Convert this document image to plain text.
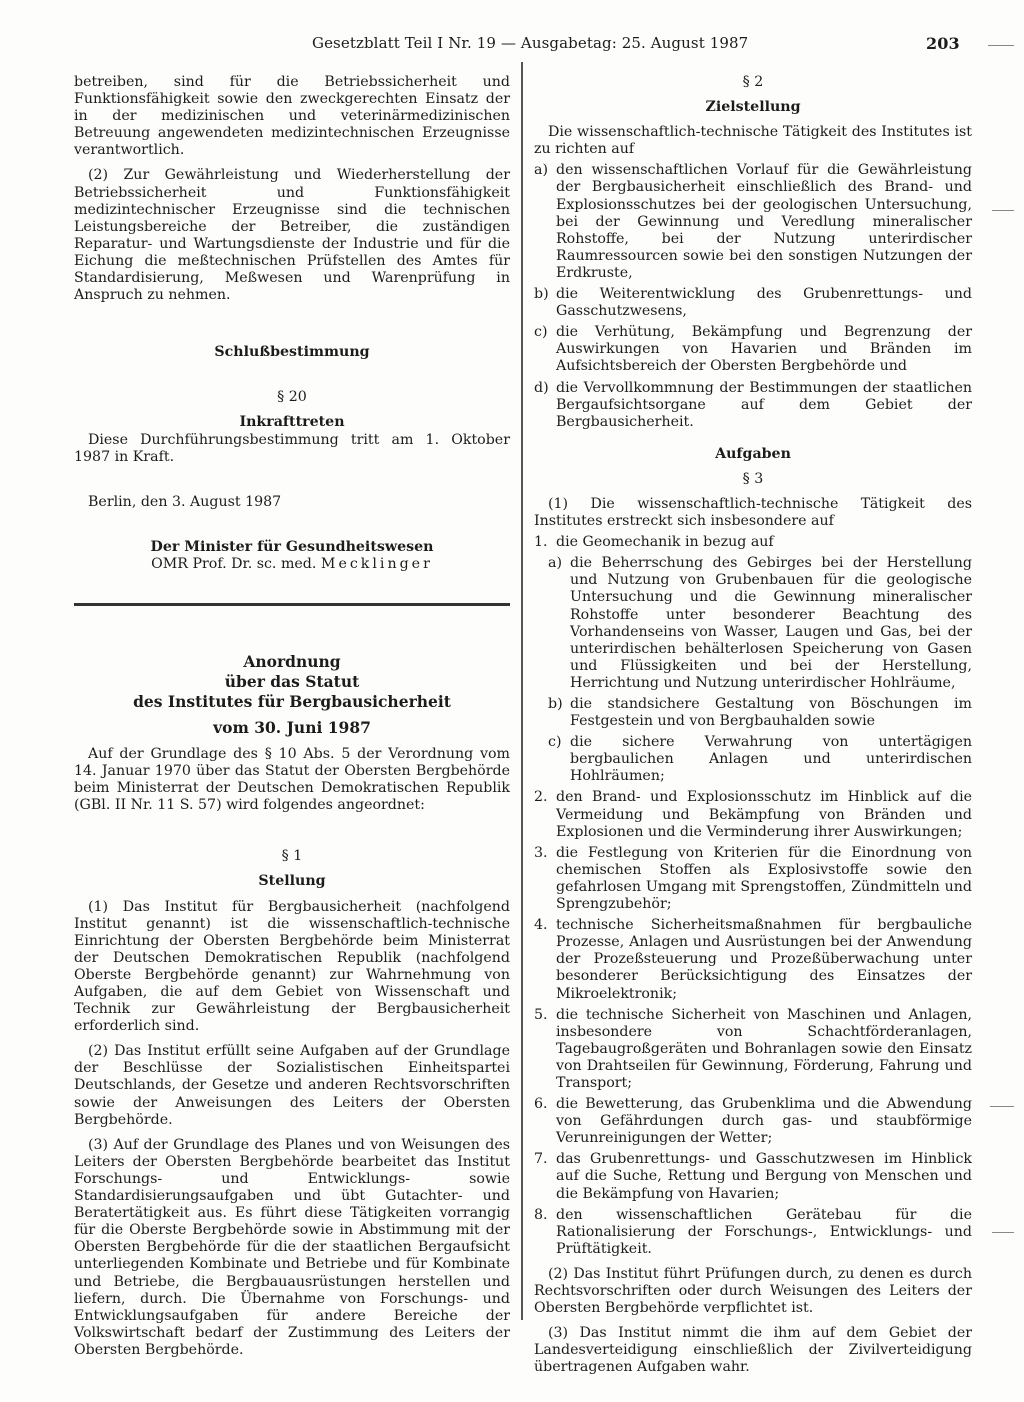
Gesetzblatt Teil I Nr. 19 — Ausgabetag: 25. August 1987	203

betreiben, sind für die Betriebssicherheit und Funktionsfähigkeit sowie den zweckgerechten Einsatz der in der medizinischen und veterinärmedizinischen Betreuung angewendeten medizintechnischen Erzeugnisse verantwortlich.

(2) Zur Gewährleistung und Wiederherstellung der Betriebssicherheit und Funktionsfähigkeit medizintechnischer Erzeugnisse sind die technischen Leistungsbereiche der Betreiber, die zuständigen Reparatur- und Wartungsdienste der Industrie und für die Eichung die meßtechnischen Prüfstellen des Amtes für Standardisierung, Meßwesen und Warenprüfung in Anspruch zu nehmen.

Schlußbestimmung

§ 20

Inkrafttreten

Diese Durchführungsbestimmung tritt am 1. Oktober 1987 in Kraft.

Berlin, den 3. August 1987

Der Minister für Gesundheitswesen

OMR Prof. Dr. sc. med. Mecklinger

Anordnung
über das Statut
des Institutes für Bergbausicherheit
vom 30. Juni 1987

Auf der Grundlage des § 10 Abs. 5 der Verordnung vom 14. Januar 1970 über das Statut der Obersten Bergbehörde beim Ministerrat der Deutschen Demokratischen Republik (GBl. II Nr. 11 S. 57) wird folgendes angeordnet:

§ 1

Stellung

(1) Das Institut für Bergbausicherheit (nachfolgend Institut genannt) ist die wissenschaftlich-technische Einrichtung der Obersten Bergbehörde beim Ministerrat der Deutschen Demokratischen Republik (nachfolgend Oberste Bergbehörde genannt) zur Wahrnehmung von Aufgaben, die auf dem Gebiet von Wissenschaft und Technik zur Gewährleistung der Bergbausicherheit erforderlich sind.

(2) Das Institut erfüllt seine Aufgaben auf der Grundlage der Beschlüsse der Sozialistischen Einheitspartei Deutschlands, der Gesetze und anderen Rechtsvorschriften sowie der Anweisungen des Leiters der Obersten Bergbehörde.

(3) Auf der Grundlage des Planes und von Weisungen des Leiters der Obersten Bergbehörde bearbeitet das Institut Forschungs- und Entwicklungs- sowie Standardisierungsaufgaben und übt Gutachter- und Beratertätigkeit aus. Es führt diese Tätigkeiten vorrangig für die Oberste Bergbehörde sowie in Abstimmung mit der Obersten Bergbehörde für die der staatlichen Bergaufsicht unterliegenden Kombinate und Betriebe und für Kombinate und Betriebe, die Bergbauausrüstungen herstellen und liefern, durch. Die Übernahme von Forschungs- und Entwicklungsaufgaben für andere Bereiche der Volkswirtschaft bedarf der Zustimmung des Leiters der Obersten Bergbehörde.

§ 2

Zielstellung

Die wissenschaftlich-technische Tätigkeit des Institutes ist zu richten auf

a) den wissenschaftlichen Vorlauf für die Gewährleistung der Bergbausicherheit einschließlich des Brand- und Explosionsschutzes bei der geologischen Untersuchung, bei der Gewinnung und Veredlung mineralischer Rohstoffe, bei der Nutzung unterirdischer Raumressourcen sowie bei den sonstigen Nutzungen der Erdkruste,
b) die Weiterentwicklung des Grubenrettungs- und Gasschutzwesens,
c) die Verhütung, Bekämpfung und Begrenzung der Auswirkungen von Havarien und Bränden im Aufsichtsbereich der Obersten Bergbehörde und
d) die Vervollkommnung der Bestimmungen der staatlichen Bergaufsichtsorgane auf dem Gebiet der Bergbausicherheit.

Aufgaben

§ 3

(1) Die wissenschaftlich-technische Tätigkeit des Institutes erstreckt sich insbesondere auf

1. die Geomechanik in bezug auf
a) die Beherrschung des Gebirges bei der Herstellung und Nutzung von Grubenbauen für die geologische Untersuchung und die Gewinnung mineralischer Rohstoffe unter besonderer Beachtung des Vorhandenseins von Wasser, Laugen und Gas, bei der unterirdischen behälterlosen Speicherung von Gasen und Flüssigkeiten und bei der Herstellung, Herrichtung und Nutzung unterirdischer Hohlräume,
b) die standsichere Gestaltung von Böschungen im Festgestein und von Bergbauhalden sowie
c) die sichere Verwahrung von untertägigen bergbaulichen Anlagen und unterirdischen Hohlräumen;
2. den Brand- und Explosionsschutz im Hinblick auf die Vermeidung und Bekämpfung von Bränden und Explosionen und die Verminderung ihrer Auswirkungen;
3. die Festlegung von Kriterien für die Einordnung von chemischen Stoffen als Explosivstoffe sowie den gefahrlosen Umgang mit Sprengstoffen, Zündmitteln und Sprengzubehör;
4. technische Sicherheitsmaßnahmen für bergbauliche Prozesse, Anlagen und Ausrüstungen bei der Anwendung der Prozeßsteuerung und Prozeßüberwachung unter besonderer Berücksichtigung des Einsatzes der Mikroelektronik;
5. die technische Sicherheit von Maschinen und Anlagen, insbesondere von Schachtförderanlagen, Tagebaugroßgeräten und Bohranlagen sowie den Einsatz von Drahtseilen für Gewinnung, Förderung, Fahrung und Transport;
6. die Bewetterung, das Grubenklima und die Abwendung von Gefährdungen durch gas- und staubförmige Verunreinigungen der Wetter;
7. das Grubenrettungs- und Gasschutzwesen im Hinblick auf die Suche, Rettung und Bergung von Menschen und die Bekämpfung von Havarien;
8. den wissenschaftlichen Gerätebau für die Rationalisierung der Forschungs-, Entwicklungs- und Prüftätigkeit.

(2) Das Institut führt Prüfungen durch, zu denen es durch Rechtsvorschriften oder durch Weisungen des Leiters der Obersten Bergbehörde verpflichtet ist.

(3) Das Institut nimmt die ihm auf dem Gebiet der Landesverteidigung einschließlich der Zivilverteidigung übertragenen Aufgaben wahr.
